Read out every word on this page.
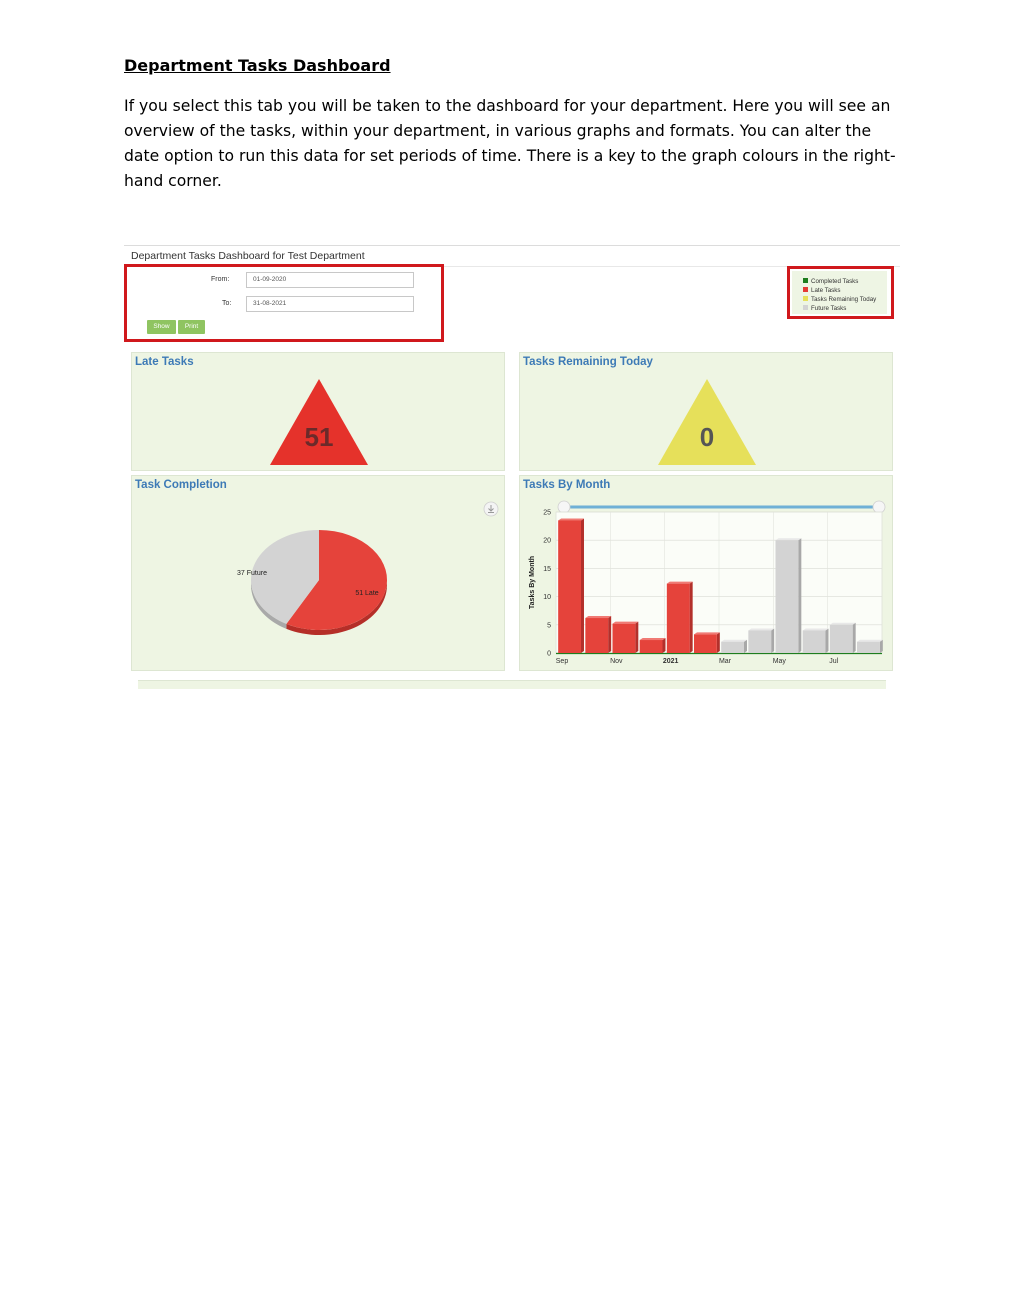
Department Tasks Dashboard

If you select this tab you will be taken to the dashboard for your department. Here you will see an overview of the tasks, within your department, in various graphs and formats. You can alter the date option to run this data for set periods of time. There is a key to the graph colours in the right-hand corner.

Department Tasks Dashboard for Test Department
From:	01-09-2020
To:	31-08-2021
Show	Print
Completed Tasks
Late Tasks
Tasks Remaining Today
Future Tasks
Late Tasks
51
Tasks Remaining Today
0
Task Completion
51 Late
37 Future
Tasks By Month
0
5
10
15
20
25
Tasks By Month
Sep	Nov	2021	Mar	May	Jul
